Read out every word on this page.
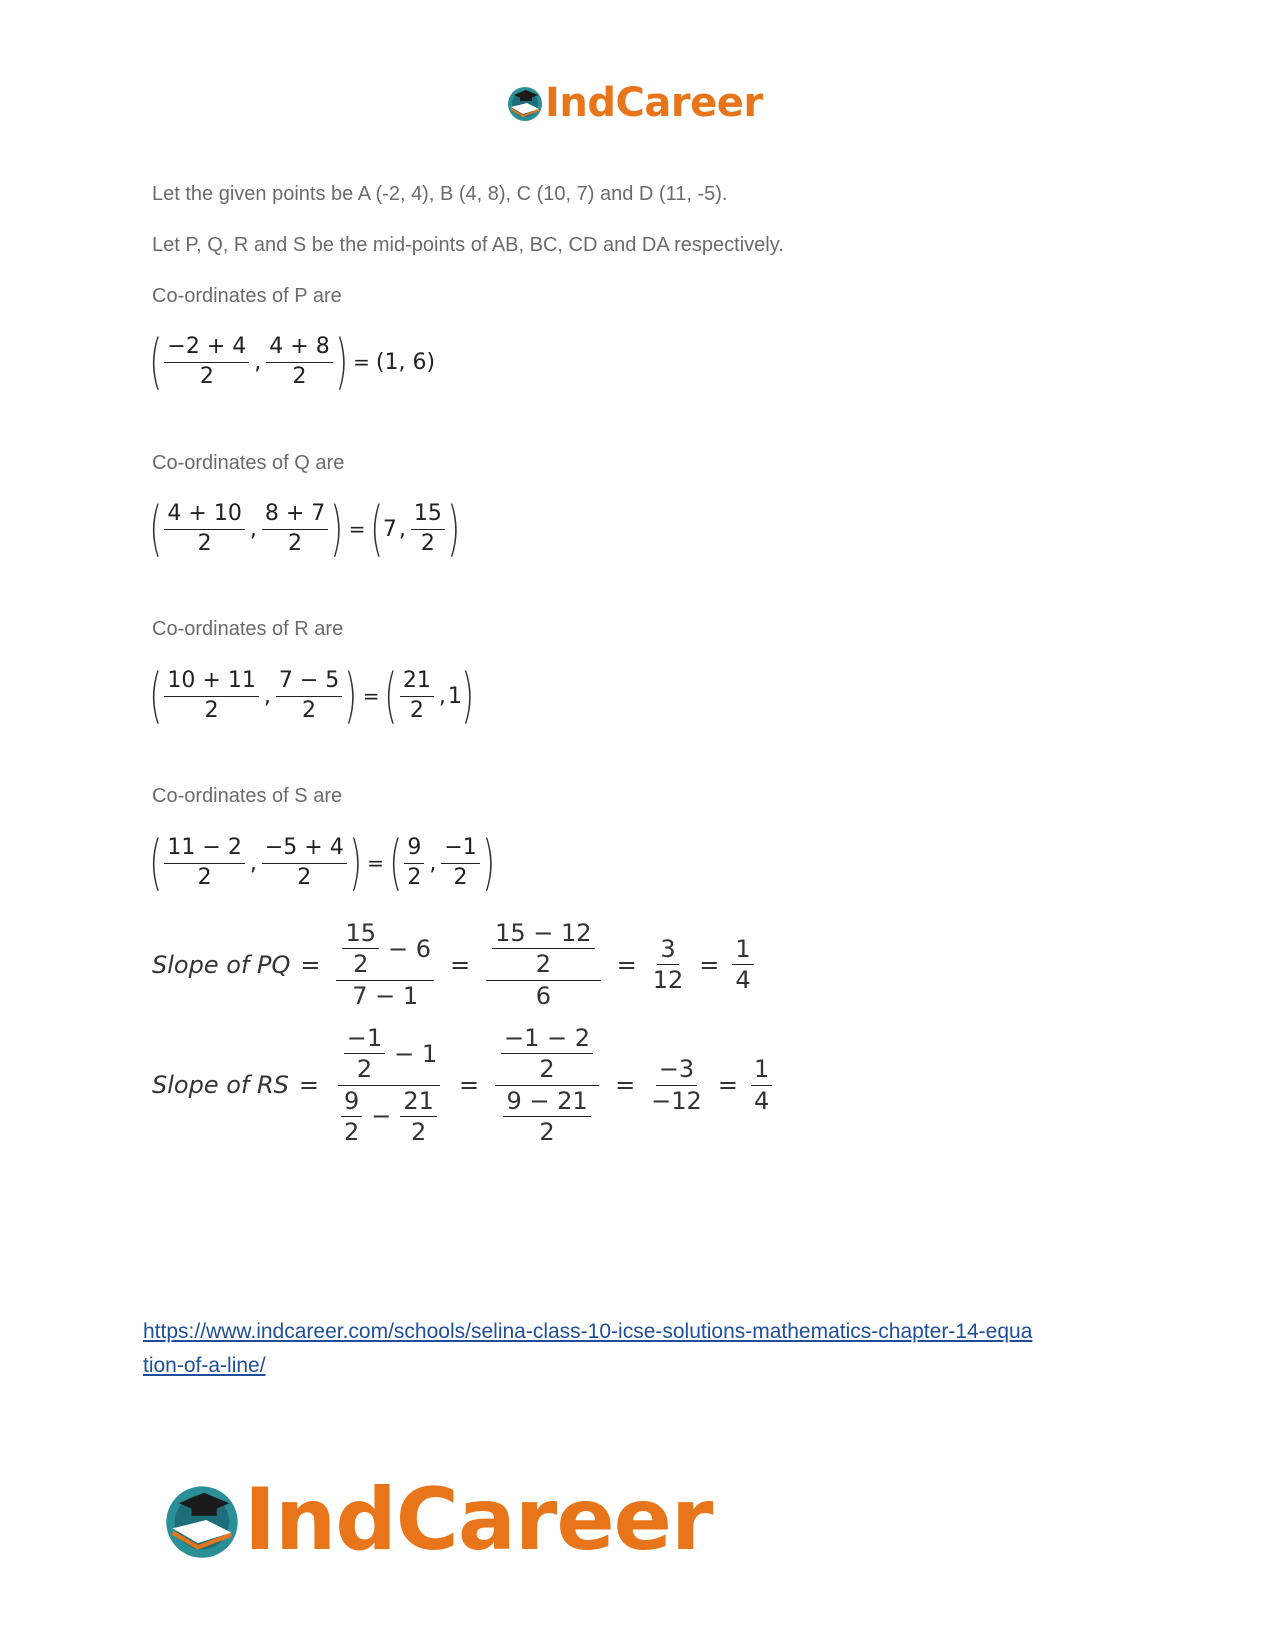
IndCareer
Let the given points be A (-2, 4), B (4, 8), C (10, 7) and D (11, -5).
Let P, Q, R and S be the mid-points of AB, BC, CD and DA respectively.
Co-ordinates of P are
( $\frac{-2 + 4}{2}$ , $\frac{4 + 8}{2}$ ) = (1, 6)
Co-ordinates of Q are
( $\frac{4 + 10}{2}$ , $\frac{8 + 7}{2}$ ) = ( 7 , $\frac{15}{2}$ )
Co-ordinates of R are
( $\frac{10 + 11}{2}$ , $\frac{7 - 5}{2}$ ) = ( $\frac{21}{2}$ , 1 )
Co-ordinates of S are
( $\frac{11 - 2}{2}$ , $\frac{-5 + 4}{2}$ ) = ( $\frac{9}{2}$ , $\frac{-1}{2}$ )
Slope of PQ = $\frac{\frac{15}{2} - 6}{7 - 1} = \frac{\frac{15 - 12}{2}}{6} = \frac{3}{12} = \frac{1}{4}$
Slope of RS = $\frac{\frac{-1}{2} - 1}{\frac{9}{2} - \frac{21}{2}} = \frac{\frac{-1 - 2}{2}}{\frac{9 - 21}{2}} = \frac{-3}{-12} = \frac{1}{4}$
https://www.indcareer.com/schools/selina-class-10-icse-solutions-mathematics-chapter-14-equa
tion-of-a-line/
IndCareer
